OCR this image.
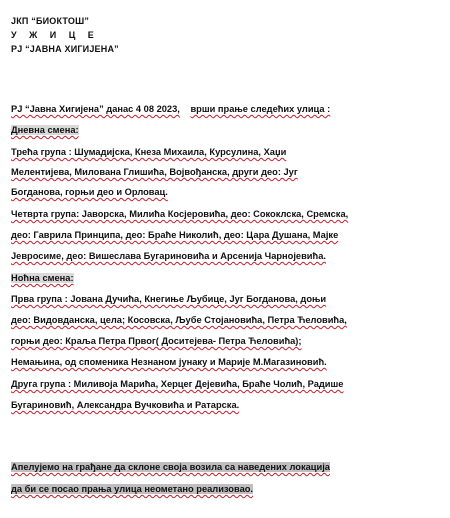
ЈКП “БИОКТОШ”
У Ж И Ц Е
РЈ “ЈАВНА ХИГИЈЕНА”
РЈ “Јавна Хигијена” данас 4 08 2023, врши прање следећих улица :
Дневна смена:
Трећа група : Шумадијска, Кнеза Михаила, Курсулина, Хаџи
Мелентијева, Милована Глишића, Војвођанска, други део: Југ
Богданова, горњи део и Орловац.
Четврта група: Јаворска, Милића Косјеровића, део: Сококлска, Сремска,
део: Гаврила Принципа, део: Браће Николић, део: Цара Душана, Мајке
Јевросиме, део: Вишеслава Бугариновића и Арсенија Чарнојевића.
Ноћна смена:
Прва група : Јована Дучића, Кнегиње Љубице, Југ Богданова, доњи
део: Видовданска, цела; Косовска, Љубе Стојановића, Петра Ћеловића,
горњи део: Краља Петра Првог( Доситејева- Петра Ћеловића);
Немањина, од споменика Незнаном јунаку и Марије М.Магазиновић.
Друга група : Миливоја Марића, Херцег Дејевића, Браће Чолић, Радише
Бугариновић, Александра Вучковића и Ратарска.
Апелујемо на грађане да склоне своја возила са наведених локација
да би се посао прања улица неометано реализовао.
